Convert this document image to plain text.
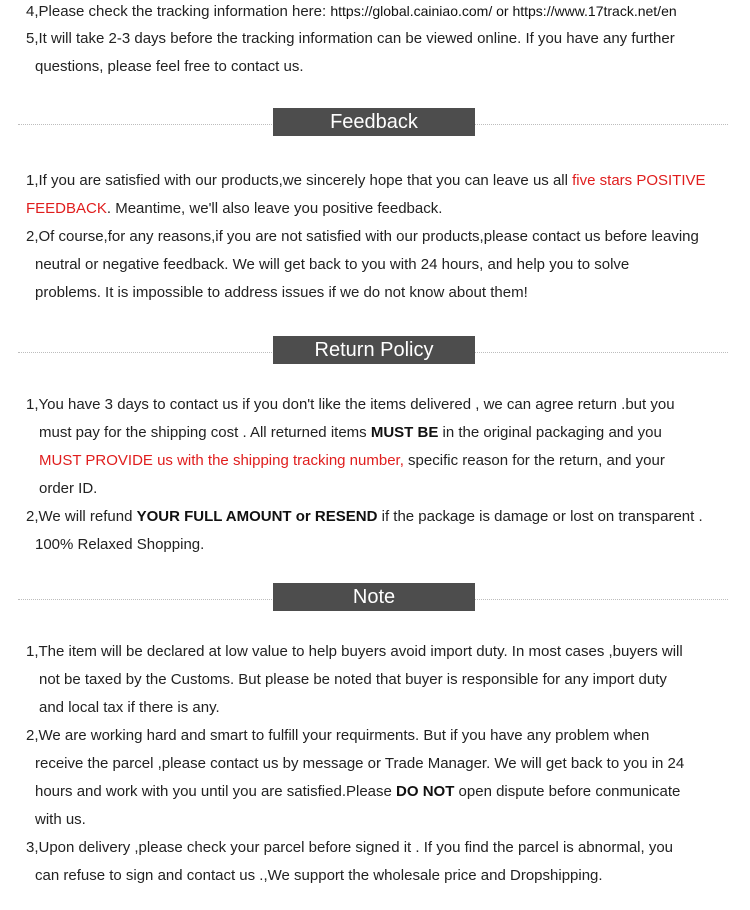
4,Please check the tracking information here: https://global.cainiao.com/ or https://www.17track.net/en
5,It will take 2-3 days before the tracking information can be viewed online. If you have any further
questions, please feel free to contact us.
Feedback
1,If you are satisfied with our products,we sincerely hope that you can leave us all five stars POSITIVE
FEEDBACK. Meantime, we'll also leave you positive feedback.
2,Of course,for any reasons,if you are not satisfied with our products,please contact us before leaving
neutral or negative feedback. We will get back to you with 24 hours, and help you to solve
problems. It is impossible to address issues if we do not know about them!
Return Policy
1,You have 3 days to contact us if you don't like the items delivered , we can agree return .but you
must pay for the shipping cost . All returned items MUST BE in the original packaging and you
MUST PROVIDE us with the shipping tracking number, specific reason for the return, and your
order ID.
2,We will refund YOUR FULL AMOUNT or RESEND if the package is damage or lost on transparent .
100% Relaxed Shopping.
Note
1,The item will be declared at low value to help buyers avoid import duty. In most cases ,buyers will
not be taxed by the Customs. But please be noted that buyer is responsible for any import duty
and local tax if there is any.
2,We are working hard and smart to fulfill your requirments. But if you have any problem when
receive the parcel ,please contact us by message or Trade Manager. We will get back to you in 24
hours and work with you until you are satisfied.Please DO NOT open dispute before conmunicate
with us.
3,Upon delivery ,please check your parcel before signed it . If you find the parcel is abnormal, you
can refuse to sign and contact us .,We support the wholesale price and Dropshipping.
